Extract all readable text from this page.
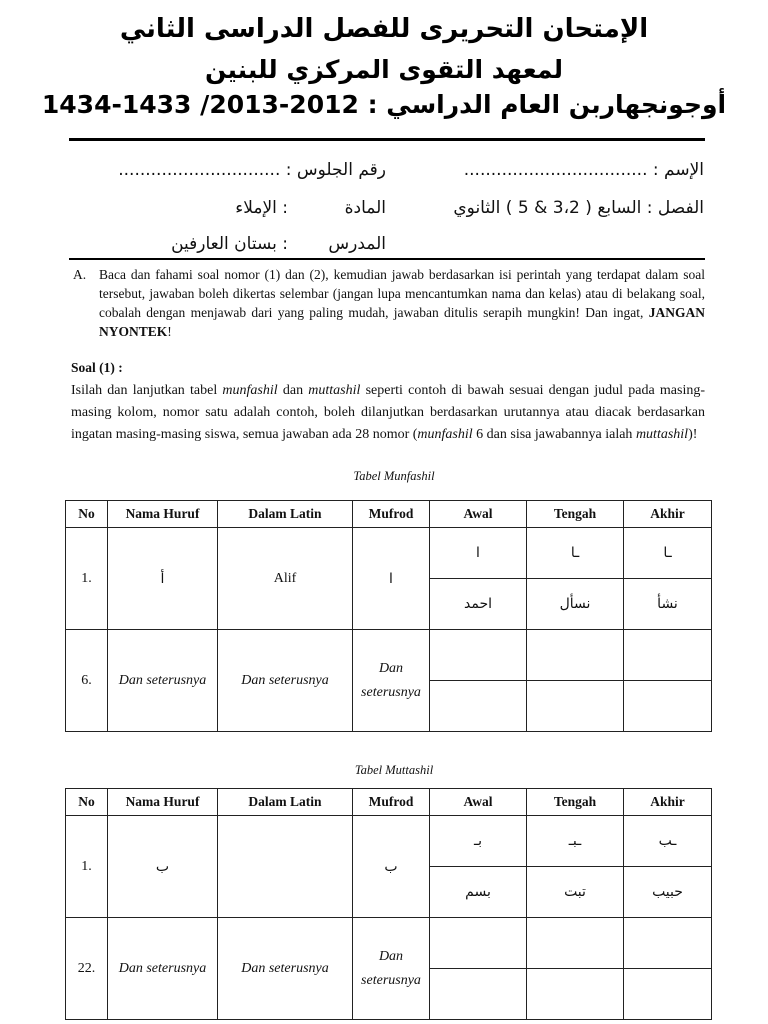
الإمتحان التحريرى للفصل الدراسى الثاني
لمعهد التقوى المركزي للبنين
أوجونجهاربن العام الدراسي : 2012-2013/ 1433-1434
الإسم : ..................................
رقم الجلوس : ..............................
الفصل : السابع ( 3،2 & 5 ) الثانوي
المادة
: الإملاء
المدرس
: بستان العارفين
A. Baca dan fahami soal nomor (1) dan (2), kemudian jawab berdasarkan isi perintah yang terdapat dalam soal tersebut, jawaban boleh dikertas selembar (jangan lupa mencantumkan nama dan kelas) atau di belakang soal, cobalah dengan menjawab dari yang paling mudah, jawaban ditulis serapih mungkin! Dan ingat, JANGAN NYONTEK!
Soal (1) :
Isilah dan lanjutkan tabel munfashil dan muttashil seperti contoh di bawah sesuai dengan judul pada masing-masing kolom, nomor satu adalah contoh, boleh dilanjutkan berdasarkan urutannya atau diacak berdasarkan ingatan masing-masing siswa, semua jawaban ada 28 nomor (munfashil 6 dan sisa jawabannya ialah muttashil)!
Tabel Munfashil
No	Nama Huruf	Dalam Latin	Mufrod	Awal	Tengah	Akhir
1.	أ	Alif	ا	ا	ـا	ـا
				احمد	نسأل	نشأ
6.	Dan seterusnya	Dan seterusnya	Dan seterusnya			

Tabel Muttashil
No	Nama Huruf	Dalam Latin	Mufrod	Awal	Tengah	Akhir
1.	ب		ب	بـ	ـبـ	ـب
				بسم	تبت	حبيب
22.	Dan seterusnya	Dan seterusnya	Dan seterusnya			
